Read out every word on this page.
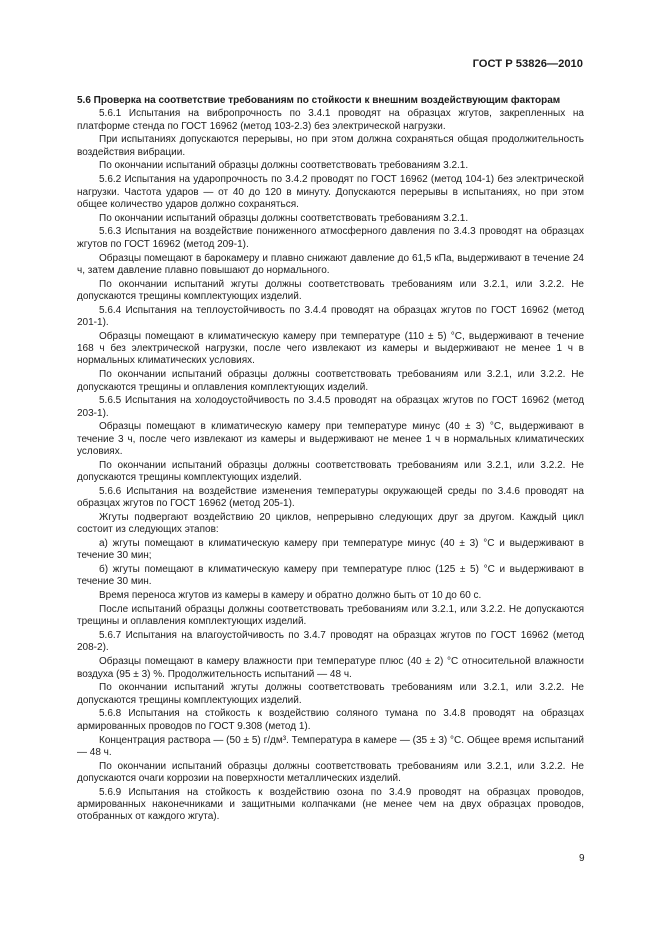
ГОСТ Р 53826—2010
5.6 Проверка на соответствие требованиям по стойкости к внешним воздействующим факторам

5.6.1 Испытания на вибропрочность по 3.4.1 проводят на образцах жгутов, закрепленных на платформе стенда по ГОСТ 16962 (метод 103-2.3) без электрической нагрузки.

При испытаниях допускаются перерывы, но при этом должна сохраняться общая продолжительность воздействия вибрации.

По окончании испытаний образцы должны соответствовать требованиям 3.2.1.

5.6.2 Испытания на ударопрочность по 3.4.2 проводят по ГОСТ 16962 (метод 104-1) без электрической нагрузки. Частота ударов — от 40 до 120 в минуту. Допускаются перерывы в испытаниях, но при этом общее количество ударов должно сохраняться.

По окончании испытаний образцы должны соответствовать требованиям 3.2.1.

5.6.3 Испытания на воздействие пониженного атмосферного давления по 3.4.3 проводят на образцах жгутов по ГОСТ 16962 (метод 209-1).

Образцы помещают в барокамеру и плавно снижают давление до 61,5 кПа, выдерживают в течение 24 ч, затем давление плавно повышают до нормального.

По окончании испытаний жгуты должны соответствовать требованиям или 3.2.1, или 3.2.2. Не допускаются трещины комплектующих изделий.

5.6.4 Испытания на теплоустойчивость по 3.4.4 проводят на образцах жгутов по ГОСТ 16962 (метод 201-1).

Образцы помещают в климатическую камеру при температуре (110 ± 5) °С, выдерживают в течение 168 ч без электрической нагрузки, после чего извлекают из камеры и выдерживают не менее 1 ч в нормальных климатических условиях.

По окончании испытаний образцы должны соответствовать требованиям или 3.2.1, или 3.2.2. Не допускаются трещины и оплавления комплектующих изделий.

5.6.5 Испытания на холодоустойчивость по 3.4.5 проводят на образцах жгутов по ГОСТ 16962 (метод 203-1).

Образцы помещают в климатическую камеру при температуре минус (40 ± 3) °С, выдерживают в течение 3 ч, после чего извлекают из камеры и выдерживают не менее 1 ч в нормальных климатических условиях.

По окончании испытаний образцы должны соответствовать требованиям или 3.2.1, или 3.2.2. Не допускаются трещины комплектующих изделий.

5.6.6 Испытания на воздействие изменения температуры окружающей среды по 3.4.6 проводят на образцах жгутов по ГОСТ 16962 (метод 205-1).

Жгуты подвергают воздействию 20 циклов, непрерывно следующих друг за другом. Каждый цикл состоит из следующих этапов:

а) жгуты помещают в климатическую камеру при температуре минус (40 ± 3) °С и выдерживают в течение 30 мин;

б) жгуты помещают в климатическую камеру при температуре плюс (125 ± 5) °С и выдерживают в течение 30 мин.

Время переноса жгутов из камеры в камеру и обратно должно быть от 10 до 60 с.

После испытаний образцы должны соответствовать требованиям или 3.2.1, или 3.2.2. Не допускаются трещины и оплавления комплектующих изделий.

5.6.7 Испытания на влагоустойчивость по 3.4.7 проводят на образцах жгутов по ГОСТ 16962 (метод 208-2).

Образцы помещают в камеру влажности при температуре плюс (40 ± 2) °С относительной влажности воздуха (95 ± 3) %. Продолжительность испытаний — 48 ч.

По окончании испытаний жгуты должны соответствовать требованиям или 3.2.1, или 3.2.2. Не допускаются трещины комплектующих изделий.

5.6.8 Испытания на стойкость к воздействию соляного тумана по 3.4.8 проводят на образцах армированных проводов по ГОСТ 9.308 (метод 1).

Концентрация раствора — (50 ± 5) г/дм³. Температура в камере — (35 ± 3) °С. Общее время испытаний — 48 ч.

По окончании испытаний образцы должны соответствовать требованиям или 3.2.1, или 3.2.2. Не допускаются очаги коррозии на поверхности металлических изделий.

5.6.9 Испытания на стойкость к воздействию озона по 3.4.9 проводят на образцах проводов, армированных наконечниками и защитными колпачками (не менее чем на двух образцах проводов, отобранных от каждого жгута).

9
